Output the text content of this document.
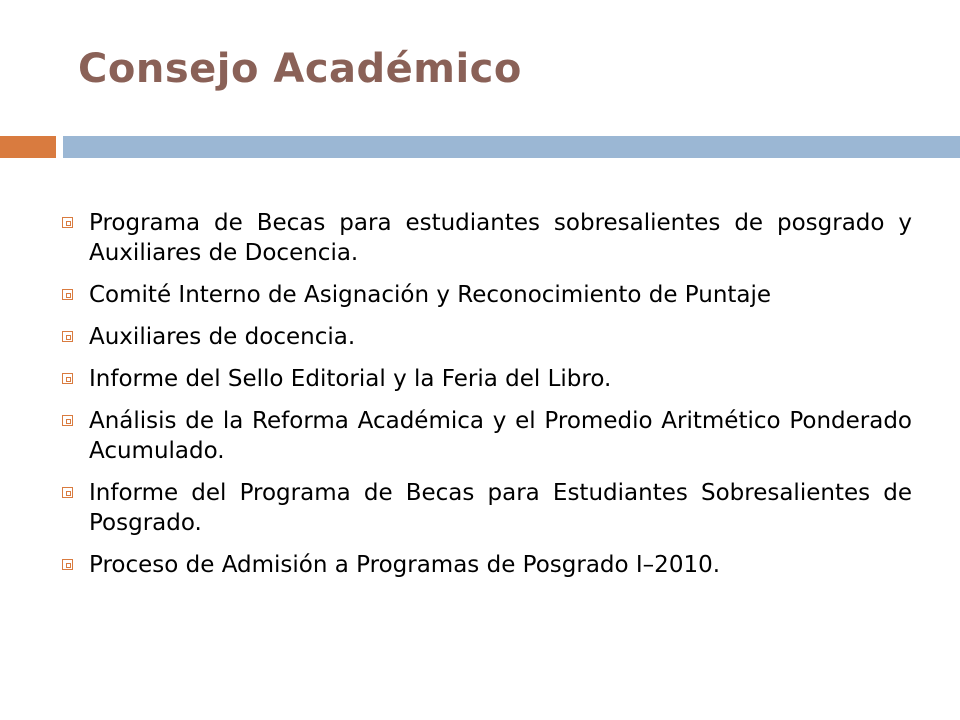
Consejo Académico
Programa de Becas para estudiantes sobresalientes de posgrado y Auxiliares de Docencia.
Comité Interno de Asignación y Reconocimiento de Puntaje
Auxiliares de docencia.
Informe del Sello Editorial y la Feria del Libro.
Análisis de la Reforma Académica y el Promedio Aritmético Ponderado Acumulado.
Informe del Programa de Becas para Estudiantes Sobresalientes de Posgrado.
Proceso de Admisión a Programas de Posgrado I–2010.
